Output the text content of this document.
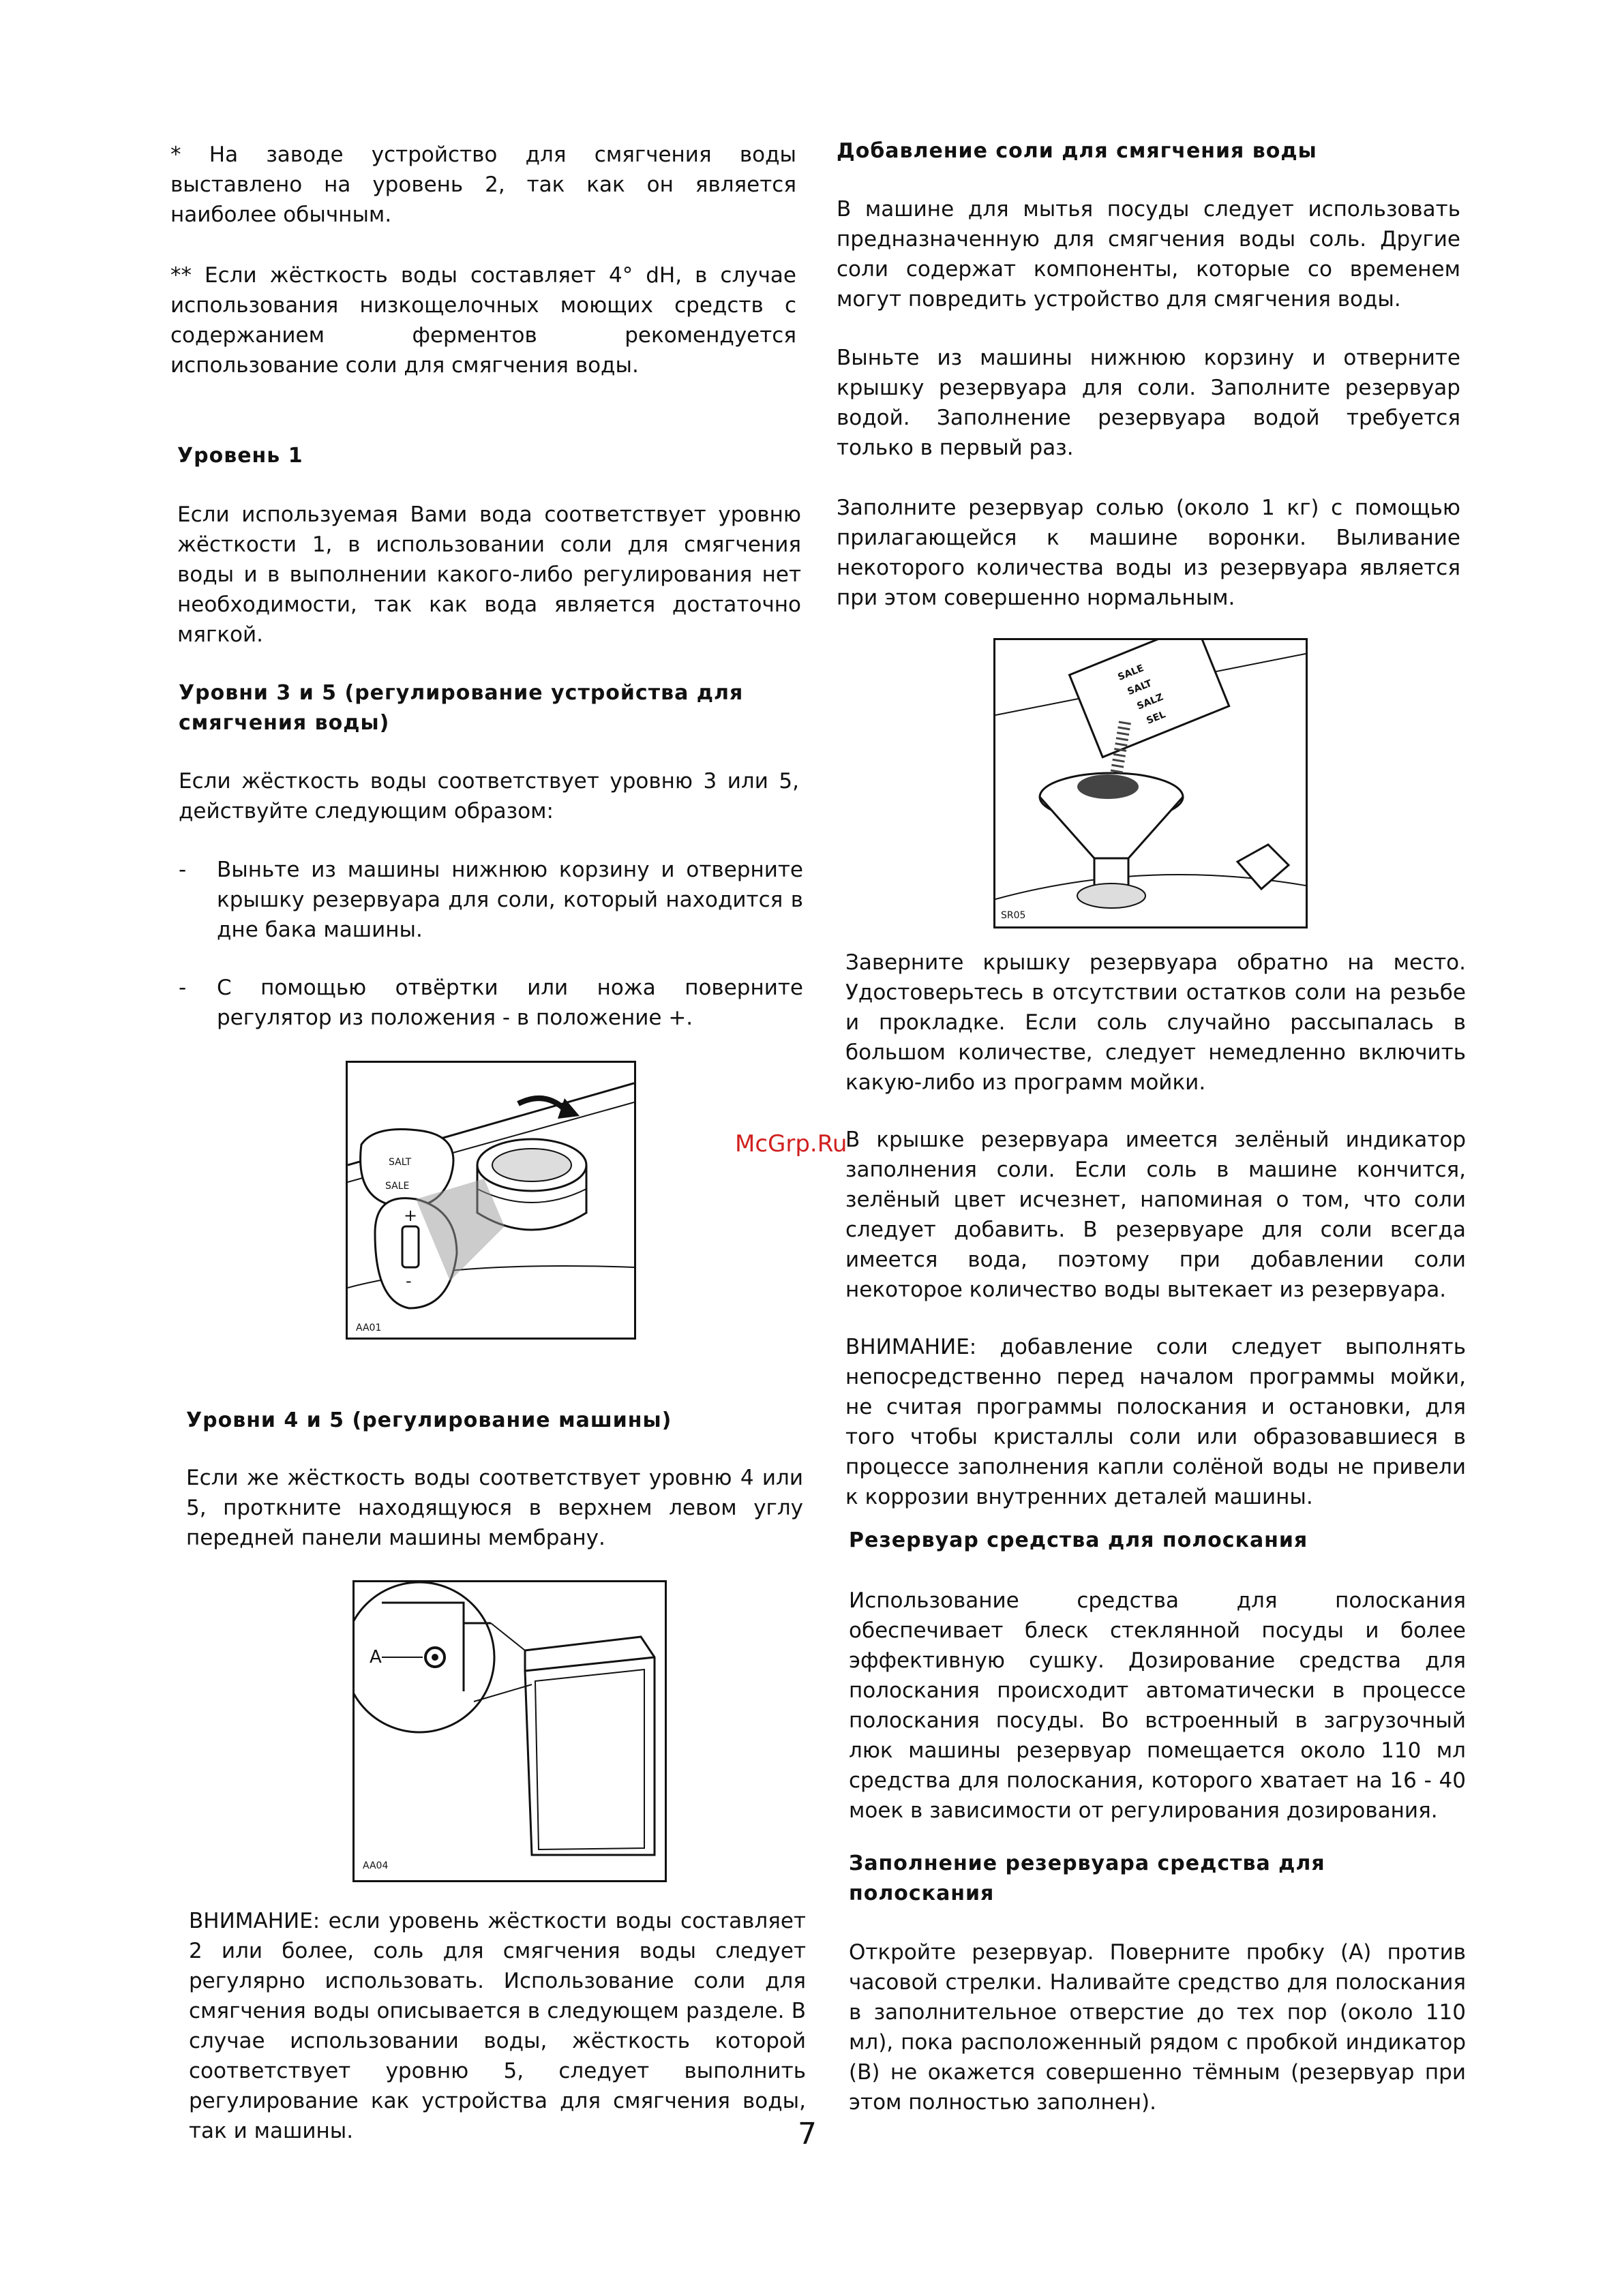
* На заводе устройство для смягчения воды выставлено на уровень 2, так как он является наиболее обычным.

** Если жёсткость воды составляет 4° dH, в случае использования низкощелочных моющих средств с содержанием ферментов рекомендуется использование соли для смягчения воды.

Уровень 1

Если используемая Вами вода соответствует уровню жёсткости 1, в использовании соли для смягчения воды и в выполнении какого-либо регулирования нет необходимости, так как вода является достаточно мягкой.

Уровни 3 и 5 (регулирование устройства для смягчения воды)

Если жёсткость воды соответствует уровню 3 или 5, действуйте следующим образом:

- Выньте из машины нижнюю корзину и отверните крышку резервуара для соли, который находится в дне бака машины.
- С помощью отвёртки или ножа поверните регулятор из положения - в положение +.
SALT
SALE
+
-
AA01
Уровни 4 и 5 (регулирование машины)

Если же жёсткость воды соответствует уровню 4 или 5, проткните находящуюся в верхнем левом углу передней панели машины мембрану.

A
AA04

ВНИМАНИЕ: если уровень жёсткости воды составляет 2 или более, соль для смягчения воды следует регулярно использовать. Использование соли для смягчения воды описывается в следующем разделе. В случае использовании воды, жёсткость которой соответствует уровню 5, следует выполнить регулирование как устройства для смягчения воды, так и машины.

Добавление соли для смягчения воды

В машине для мытья посуды следует использовать предназначенную для смягчения воды соль. Другие соли содержат компоненты, которые со временем могут повредить устройство для смягчения воды.

Выньте из машины нижнюю корзину и отверните крышку резервуара для соли. Заполните резервуар водой. Заполнение резервуара водой требуется только в первый раз.

Заполните резервуар солью (около 1 кг) с помощью прилагающейся к машине воронки. Выливание некоторого количества воды из резервуара является при этом совершенно нормальным.

SALE
SALT
SALZ
SEL
SR05

Заверните крышку резервуара обратно на место. Удостоверьтесь в отсутствии остатков соли на резьбе и прокладке. Если соль случайно рассыпалась в большом количестве, следует немедленно включить какую-либо из программ мойки.

В крышке резервуара имеется зелёный индикатор заполнения соли. Если соль в машине кончится, зелёный цвет исчезнет, напоминая о том, что соли следует добавить. В резервуаре для соли всегда имеется вода, поэтому при добавлении соли некоторое количество воды вытекает из резервуара.

ВНИМАНИЕ: добавление соли следует выполнять непосредственно перед началом программы мойки, не считая программы полоскания и остановки, для того чтобы кристаллы соли или образовавшиеся в процессе заполнения капли солёной воды не привели к коррозии внутренних деталей машины.

Резервуар средства для полоскания

Использование средства для полоскания обеспечивает блеск стеклянной посуды и более эффективную сушку. Дозирование средства для полоскания происходит автоматически в процессе полоскания посуды. Во встроенный в загрузочный люк машины резервуар помещается около 110 мл средства для полоскания, которого хватает на 16 - 40 моек в зависимости от регулирования дозирования.

Заполнение резервуара средства для полоскания

Откройте резервуар. Поверните пробку (A) против часовой стрелки. Наливайте средство для полоскания в заполнительное отверстие до тех пор (около 110 мл), пока расположенный рядом с пробкой индикатор (B) не окажется совершенно тёмным (резервуар при этом полностью заполнен).

McGrp.Ru
7
